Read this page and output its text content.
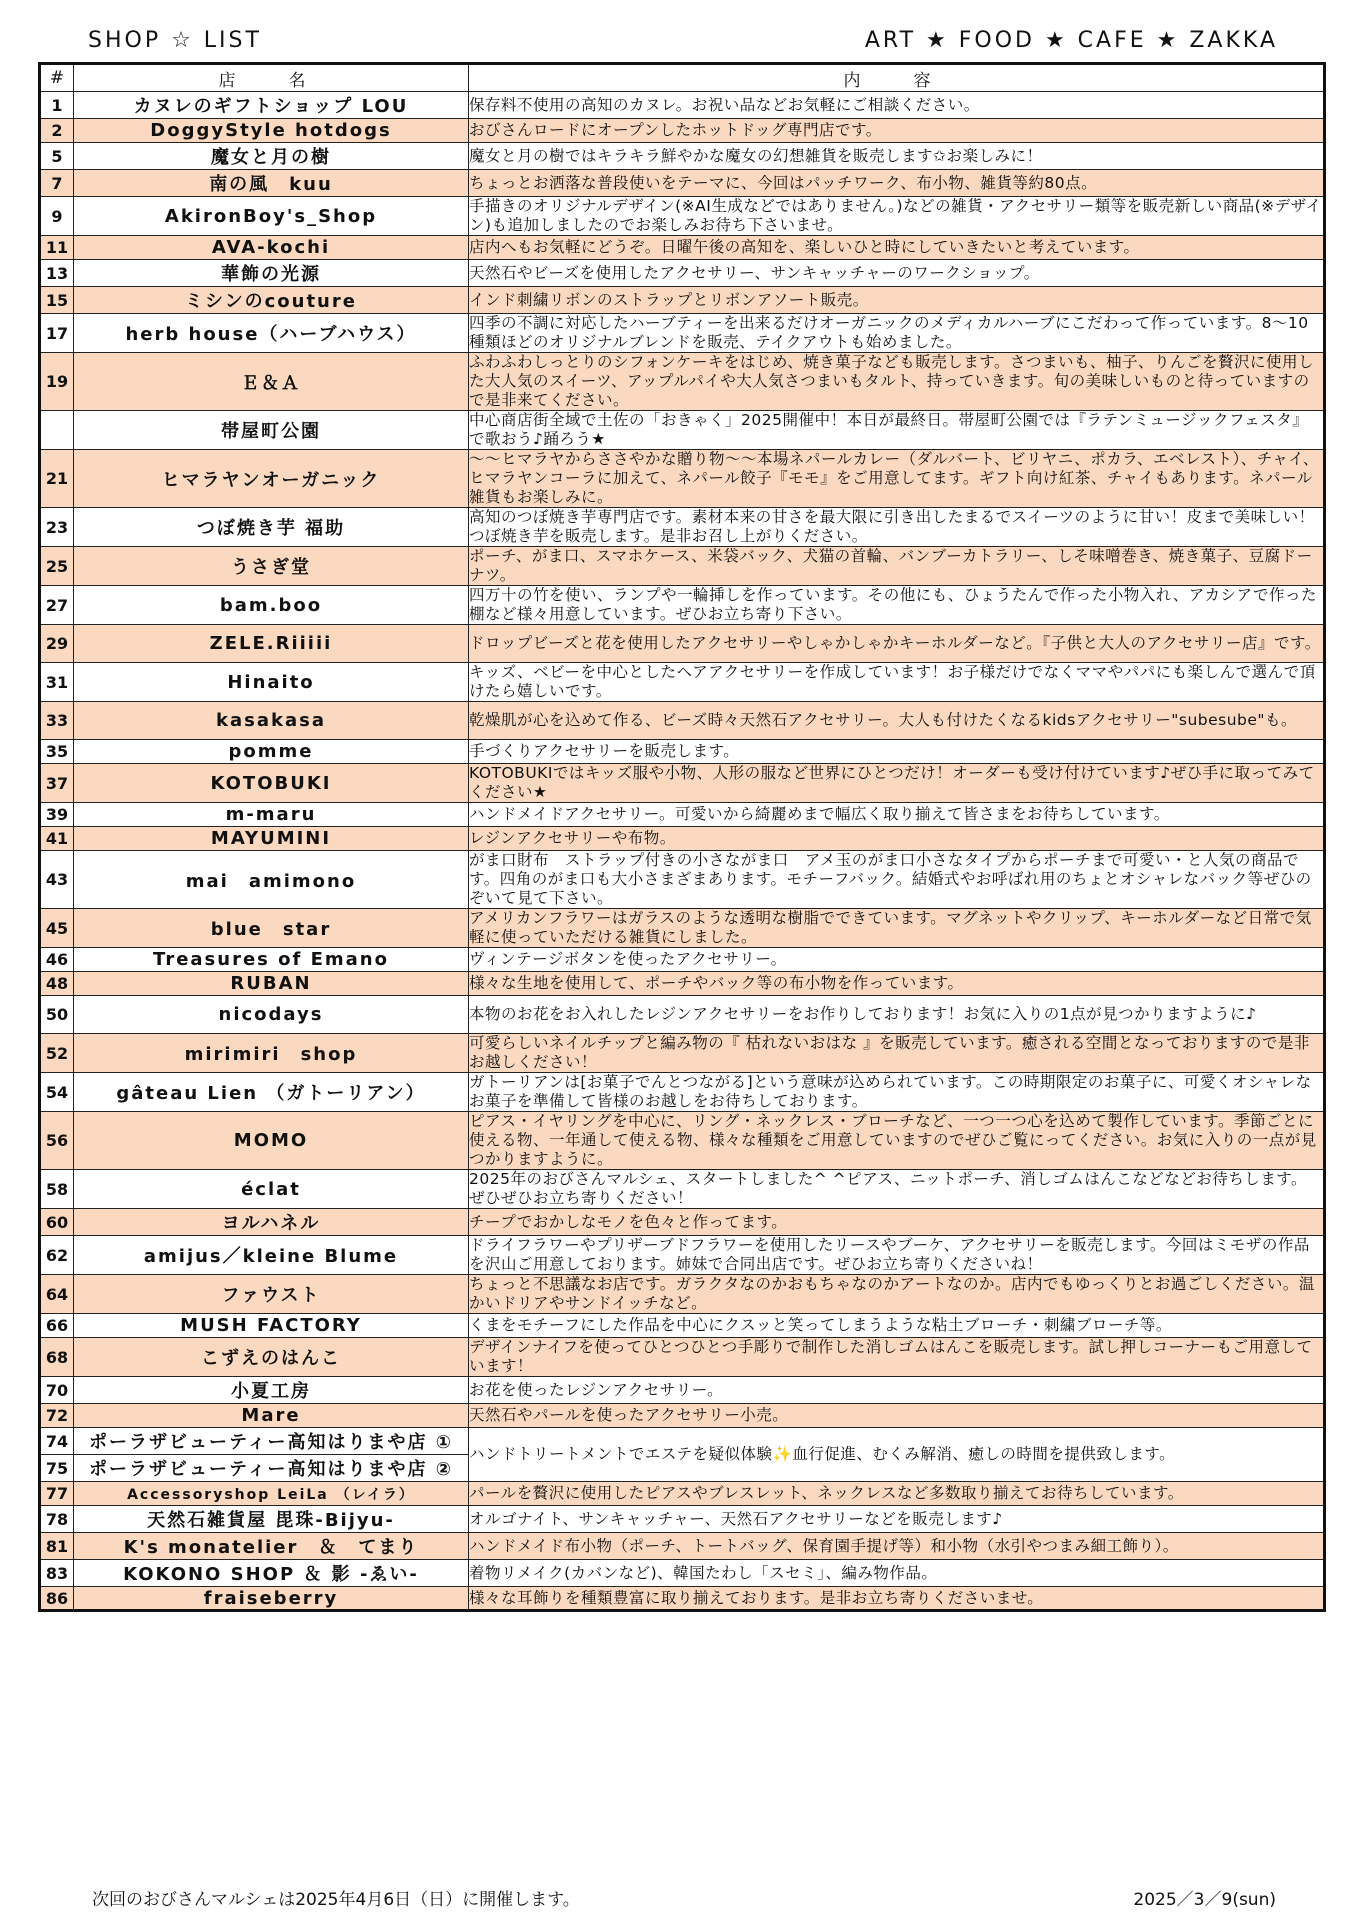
SHOP ☆ LIST	ART ★ FOOD ★ CAFE ★ ZAKKA
#	店　名	内　容
1	カヌレのギフトショップ LOU	保存料不使用の高知のカヌレ。お祝い品などお気軽にご相談ください。
2	DoggyStyle hotdogs	おびさんロードにオープンしたホットドッグ専門店です。
5	魔女と月の樹	魔女と月の樹ではキラキラ鮮やかな魔女の幻想雑貨を販売します✩お楽しみに！
7	南の風　kuu	ちょっとお洒落な普段使いをテーマに、今回はパッチワーク、布小物、雑貨等約80点。
9	AkironBoy's_Shop	手描きのオリジナルデザイン(※AI生成などではありません。)などの雑貨・アクセサリー類等を販売新しい商品(※デザイン)も追加しましたのでお楽しみお待ち下さいませ。
11	AVA-kochi	店内へもお気軽にどうぞ。日曜午後の高知を、楽しいひと時にしていきたいと考えています。
13	華飾の光源	天然石やビーズを使用したアクセサリー、サンキャッチャーのワークショップ。
15	ミシンのcouture	インド刺繍リボンのストラップとリボンアソート販売。
17	herb house（ハーブハウス）	四季の不調に対応したハーブティーを出来るだけオーガニックのメディカルハーブにこだわって作っています。8～10種類ほどのオリジナルブレンドを販売、テイクアウトも始めました。
19	Ｅ＆Ａ	ふわふわしっとりのシフォンケーキをはじめ、焼き菓子なども販売します。さつまいも、柚子、りんごを贅沢に使用した大人気のスイーツ、アップルパイや大人気さつまいもタルト、持っていきます。旬の美味しいものと待っていますので是非来てください。
	帯屋町公園	中心商店街全域で土佐の「おきゃく」2025開催中！本日が最終日。帯屋町公園では『ラテンミュージックフェスタ』で歌おう♪踊ろう★
21	ヒマラヤンオーガニック	～～ヒマラヤからささやかな贈り物～～本場ネパールカレー（ダルバート、ビリヤニ、ポカラ、エベレスト）、チャイ、ヒマラヤンコーラに加えて、ネパール餃子『モモ』をご用意してます。ギフト向け紅茶、チャイもあります。ネパール雑貨もお楽しみに。
23	つぼ焼き芋 福助	高知のつぼ焼き芋専門店です。素材本来の甘さを最大限に引き出したまるでスイーツのように甘い！皮まで美味しい！つぼ焼き芋を販売します。是非お召し上がりください。
25	うさぎ堂	ポーチ、がま口、スマホケース、米袋バック、犬猫の首輪、バンブーカトラリー、しそ味噌巻き、焼き菓子、豆腐ドーナツ。
27	bam.boo	四万十の竹を使い、ランプや一輪挿しを作っています。その他にも、ひょうたんで作った小物入れ、アカシアで作った棚など様々用意しています。ぜひお立ち寄り下さい。
29	ZELE.Riiiii	ドロップビーズと花を使用したアクセサリーやしゃかしゃかキーホルダーなど。『子供と大人のアクセサリー店』です。
31	Hinaito	キッズ、ベビーを中心としたヘアアクセサリーを作成しています！お子様だけでなくママやパパにも楽しんで選んで頂けたら嬉しいです。
33	kasakasa	乾燥肌が心を込めて作る、ビーズ時々天然石アクセサリー。大人も付けたくなるkidsアクセサリー"subesube"も。
35	pomme	手づくりアクセサリーを販売します。
37	KOTOBUKI	KOTOBUKIではキッズ服や小物、人形の服など世界にひとつだけ！オーダーも受け付けています♪ぜひ手に取ってみてください★
39	m-maru	ハンドメイドアクセサリー。可愛いから綺麗めまで幅広く取り揃えて皆さまをお待ちしています。
41	MAYUMINI	レジンアクセサリーや布物。
43	mai　amimono	がま口財布　ストラップ付きの小さながま口　アメ玉のがま口小さなタイプからポーチまで可愛い・と人気の商品です。四角のがま口も大小さまざまあります。モチーフバック。結婚式やお呼ばれ用のちょとオシャレなバック等ぜひのぞいて見て下さい。
45	blue　star	アメリカンフラワーはガラスのような透明な樹脂でできています。マグネットやクリップ、キーホルダーなど日常で気軽に使っていただける雑貨にしました。
46	Treasures of Emano	ヴィンテージボタンを使ったアクセサリー。
48	RUBAN	様々な生地を使用して、ポーチやバック等の布小物を作っています。
50	nicodays	本物のお花をお入れしたレジンアクセサリーをお作りしております！お気に入りの1点が見つかりますように♪
52	mirimiri　shop	可愛らしいネイルチップと編み物の『 枯れないおはな 』を販売しています。癒される空間となっておりますので是非お越しください！
54	gâteau Lien （ガトーリアン）	ガトーリアンは[お菓子でんとつながる]という意味が込められています。この時期限定のお菓子に、可愛くオシャレなお菓子を準備して皆様のお越しをお待ちしております。
56	MOMO	ピアス・イヤリングを中心に、リング・ネックレス・ブローチなど、一つ一つ心を込めて製作しています。季節ごとに使える物、一年通して使える物、様々な種類をご用意していますのでぜひご覧にってください。お気に入りの一点が見つかりますように。
58	éclat	2025年のおびさんマルシェ、スタートしました^ ^ピアス、ニットポーチ、消しゴムはんこなどなどお待ちします。ぜひぜひお立ち寄りください！
60	ヨルハネル	チープでおかしなモノを色々と作ってます。
62	amijus／kleine Blume	ドライフラワーやプリザーブドフラワーを使用したリースやブーケ、アクセサリーを販売します。今回はミモザの作品を沢山ご用意しております。姉妹で合同出店です。ぜひお立ち寄りくださいね！
64	ファウスト	ちょっと不思議なお店です。ガラクタなのかおもちゃなのかアートなのか。店内でもゆっくりとお過ごしください。温かいドリアやサンドイッチなど。
66	MUSH FACTORY	くまをモチーフにした作品を中心にクスッと笑ってしまうような粘土ブローチ・刺繍ブローチ等。
68	こずえのはんこ	デザインナイフを使ってひとつひとつ手彫りで制作した消しゴムはんこを販売します。試し押しコーナーもご用意しています！
70	小夏工房	お花を使ったレジンアクセサリー。
72	Mare	天然石やパールを使ったアクセサリー小売。
74	ポーラザビューティー高知はりまや店 ①	ハンドトリートメントでエステを疑似体験✨血行促進、むくみ解消、癒しの時間を提供致します。
75	ポーラザビューティー高知はりまや店 ②	
77	Accessoryshop LeiLa （レイラ）	パールを贅沢に使用したピアスやブレスレット、ネックレスなど多数取り揃えてお待ちしています。
78	天然石雑貨屋 毘珠-Bijyu-	オルゴナイト、サンキャッチャー、天然石アクセサリーなどを販売します♪
81	K's monatelier　＆　てまり	ハンドメイド布小物（ポーチ、トートバッグ、保育園手提げ等）和小物（水引やつまみ細工飾り）。
83	KOKONO SHOP ＆ 影 -ゑい-	着物リメイク(カバンなど)、韓国たわし「スセミ」、編み物作品。
86	fraiseberry	様々な耳飾りを種類豊富に取り揃えております。是非お立ち寄りくださいませ。
次回のおびさんマルシェは2025年4月6日（日）に開催します。	2025／3／9(sun)
